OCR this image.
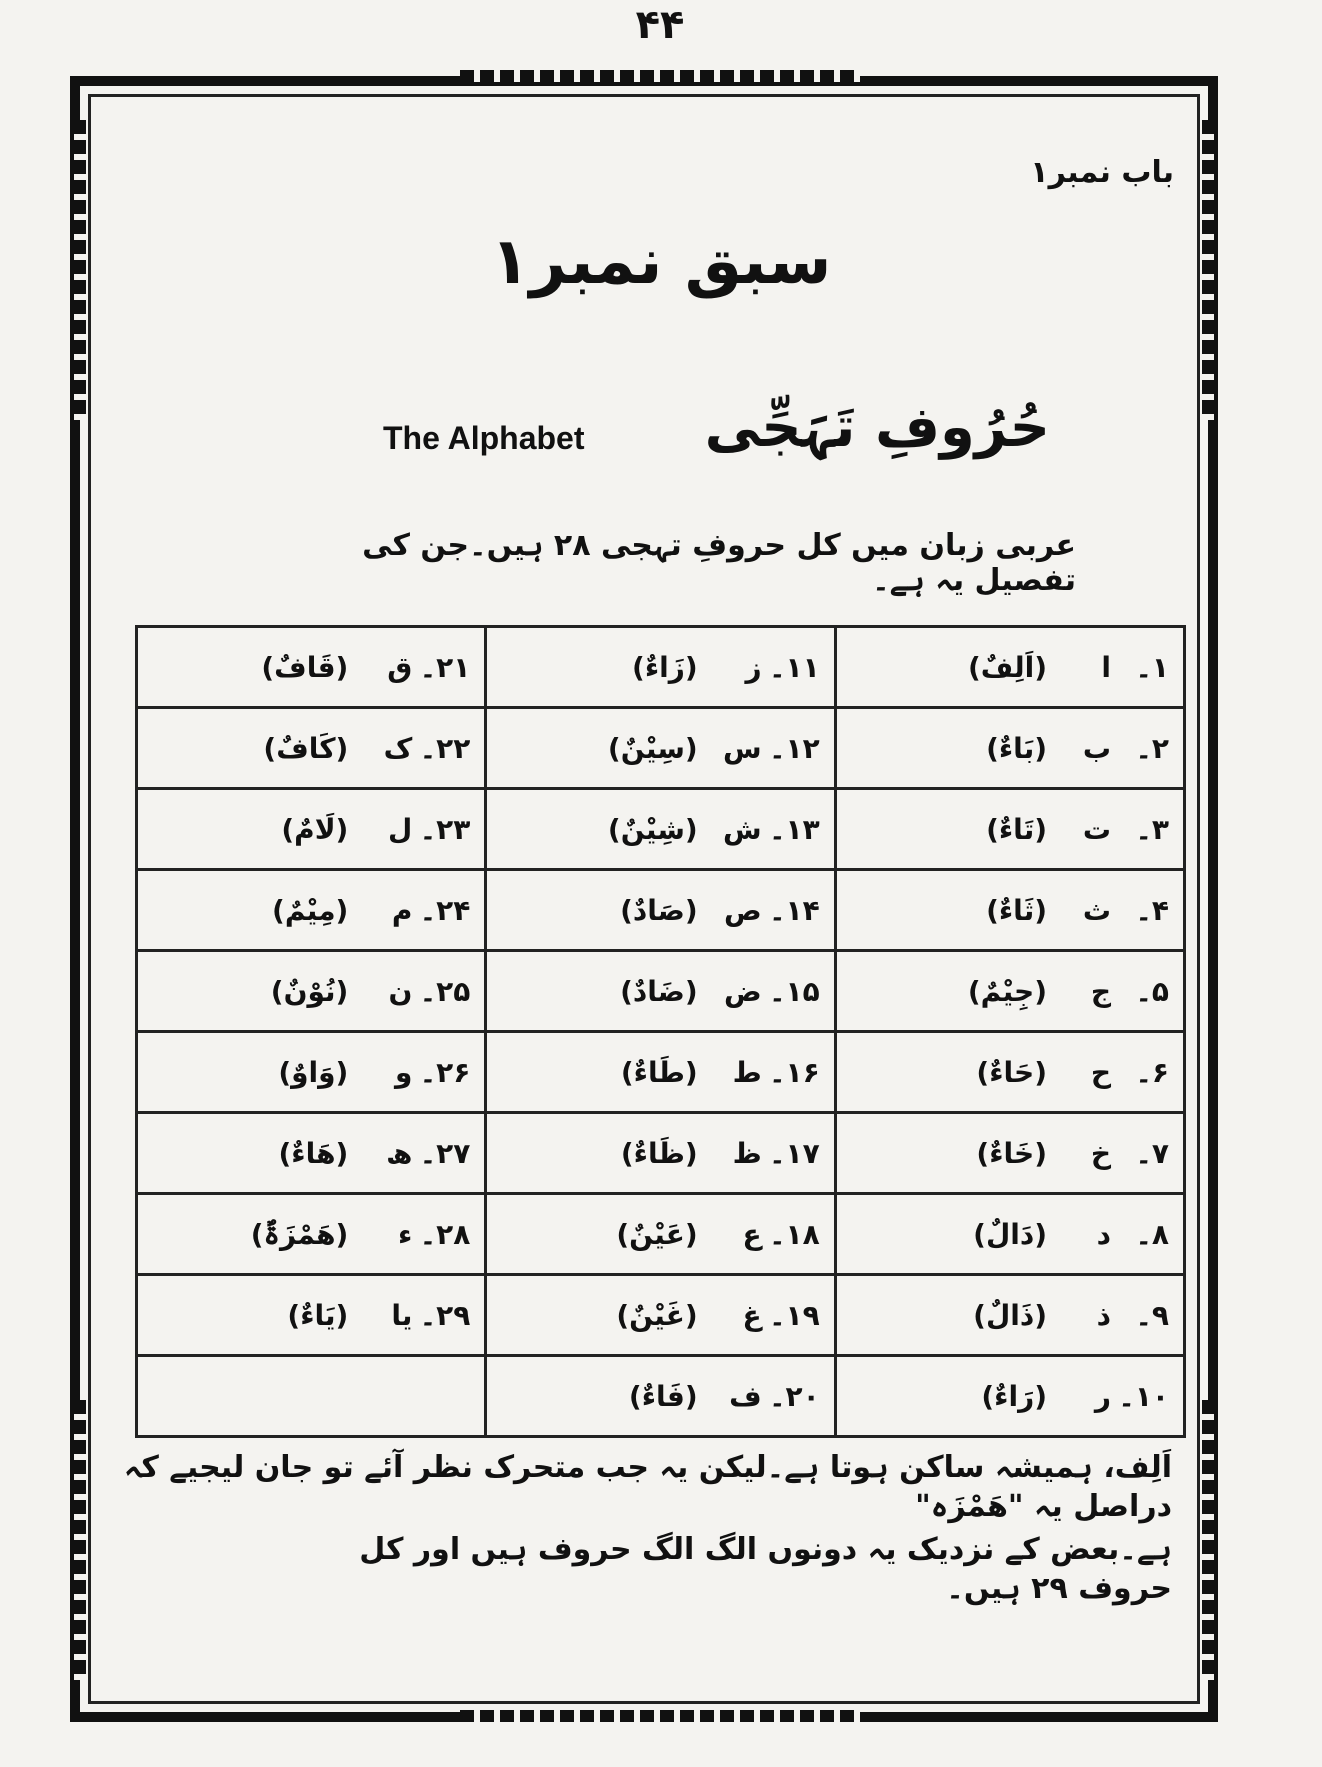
۴۴
باب نمبر۱
سبق نمبر۱
حُرُوفِ تَہَجِّی
The Alphabet
عربی زبان میں کل حروفِ تہجی ۲۸ ہیں۔جن کی تفصیل یہ ہے۔
۱۔ا(اَلِفٌ)	۱۱۔ز(زَاءٌ)	۲۱۔ق(قَافٌ)
۲۔ب(بَاءٌ)	۱۲۔س(سِیْنٌ)	۲۲۔ک(کَافٌ)
۳۔ت(تَاءٌ)	۱۳۔ش(شِیْنٌ)	۲۳۔ل(لَامٌ)
۴۔ث(ثَاءٌ)	۱۴۔ص(صَادٌ)	۲۴۔م(مِیْمٌ)
۵۔ج(جِیْمٌ)	۱۵۔ض(ضَادٌ)	۲۵۔ن(نُوْنٌ)
۶۔ح(حَاءٌ)	۱۶۔ط(طَاءٌ)	۲۶۔و(وَاوٌ)
۷۔خ(خَاءٌ)	۱۷۔ظ(ظَاءٌ)	۲۷۔ھ(ھَاءٌ)
۸۔د(دَالٌ)	۱۸۔ع(عَیْنٌ)	۲۸۔ء(ھَمْزَۃٌ)
۹۔ذ(ذَالٌ)	۱۹۔غ(غَیْنٌ)	۲۹۔یا(یَاءٌ)
۱۰۔ر(رَاءٌ)	۲۰۔ف(فَاءٌ)	
اَلِف، ہمیشہ ساکن ہوتا ہے۔لیکن یہ جب متحرک نظر آئے تو جان لیجیے کہ دراصل یہ "ھَمْزَہ"
ہے۔بعض کے نزدیک یہ دونوں الگ الگ حروف ہیں اور کل حروف ۲۹ ہیں۔
